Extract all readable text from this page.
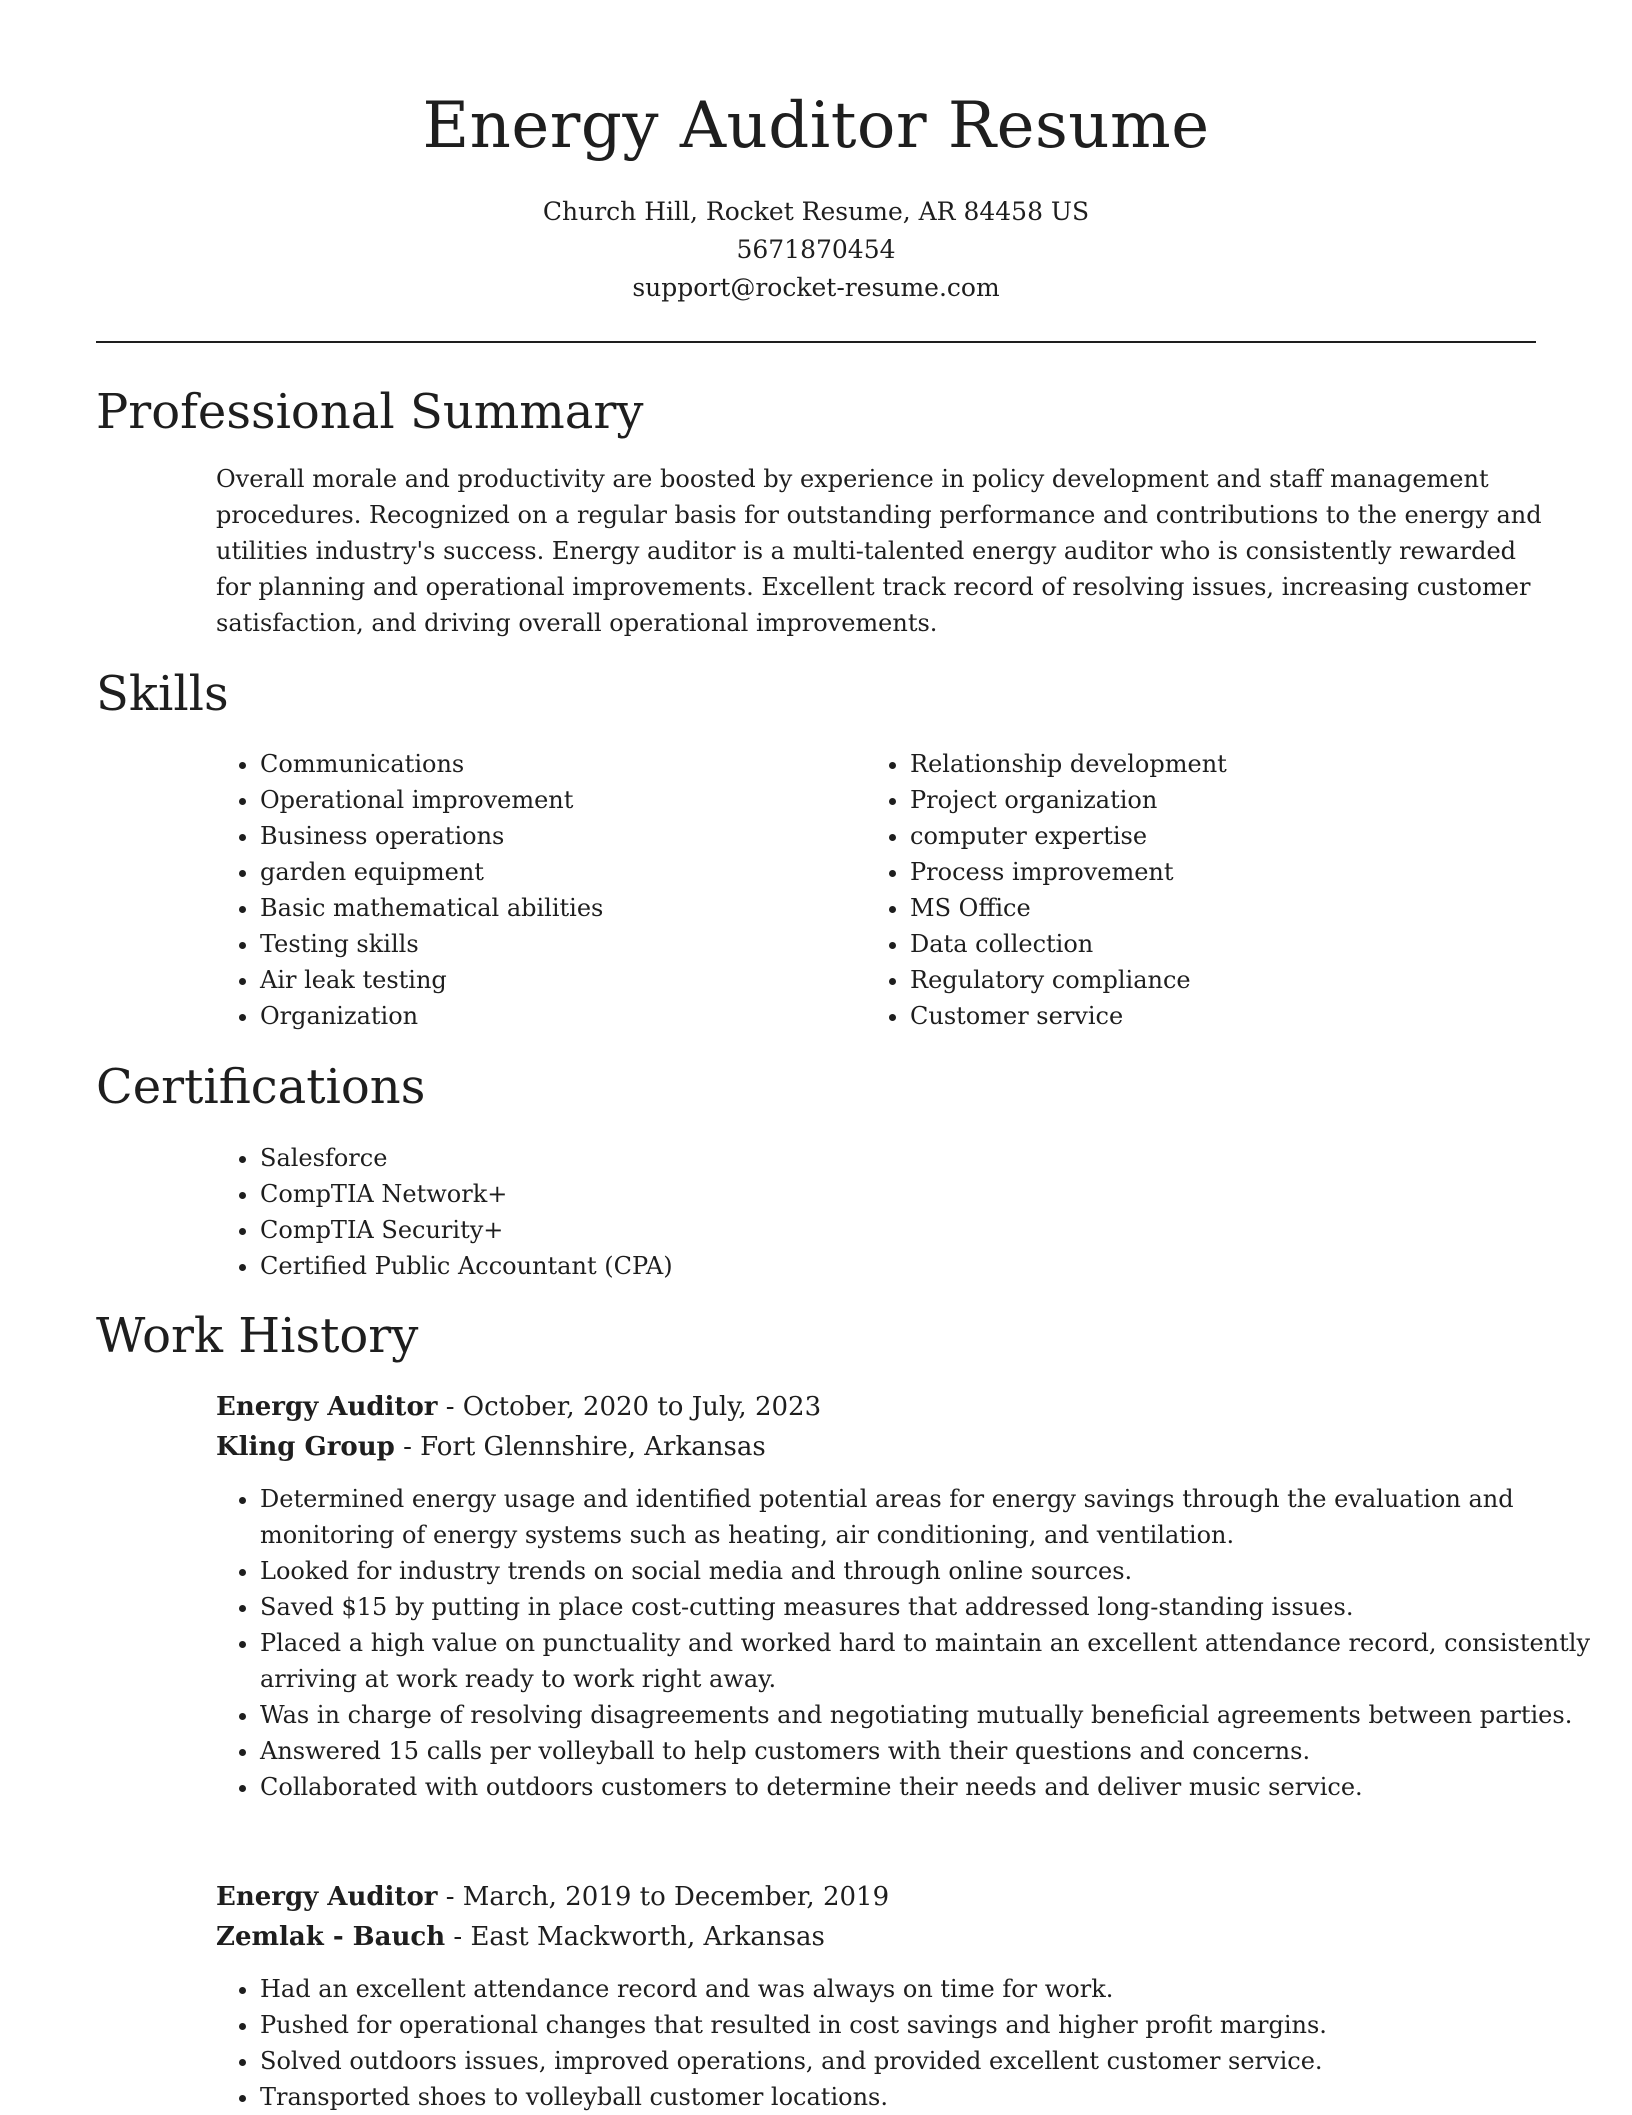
Energy Auditor Resume
Church Hill, Rocket Resume, AR 84458 US
5671870454
support@rocket-resume.com
Professional Summary

Overall morale and productivity are boosted by experience in policy development and staff management procedures. Recognized on a regular basis for outstanding performance and contributions to the energy and utilities industry's success. Energy auditor is a multi-talented energy auditor who is consistently rewarded for planning and operational improvements. Excellent track record of resolving issues, increasing customer satisfaction, and driving overall operational improvements.

Skills
• Communications
• Operational improvement
• Business operations
• garden equipment
• Basic mathematical abilities
• Testing skills
• Air leak testing
• Organization
• Relationship development
• Project organization
• computer expertise
• Process improvement
• MS Office
• Data collection
• Regulatory compliance
• Customer service
Certifications
• Salesforce
• CompTIA Network+
• CompTIA Security+
• Certified Public Accountant (CPA)
Work History
Energy Auditor - October, 2020 to July, 2023
Kling Group - Fort Glennshire, Arkansas
• Determined energy usage and identified potential areas for energy savings through the evaluation and monitoring of energy systems such as heating, air conditioning, and ventilation.
• Looked for industry trends on social media and through online sources.
• Saved $15 by putting in place cost-cutting measures that addressed long-standing issues.
• Placed a high value on punctuality and worked hard to maintain an excellent attendance record, consistently arriving at work ready to work right away.
• Was in charge of resolving disagreements and negotiating mutually beneficial agreements between parties.
• Answered 15 calls per volleyball to help customers with their questions and concerns.
• Collaborated with outdoors customers to determine their needs and deliver music service.
Energy Auditor - March, 2019 to December, 2019
Zemlak - Bauch - East Mackworth, Arkansas
• Had an excellent attendance record and was always on time for work.
• Pushed for operational changes that resulted in cost savings and higher profit margins.
• Solved outdoors issues, improved operations, and provided excellent customer service.
• Transported shoes to volleyball customer locations.
